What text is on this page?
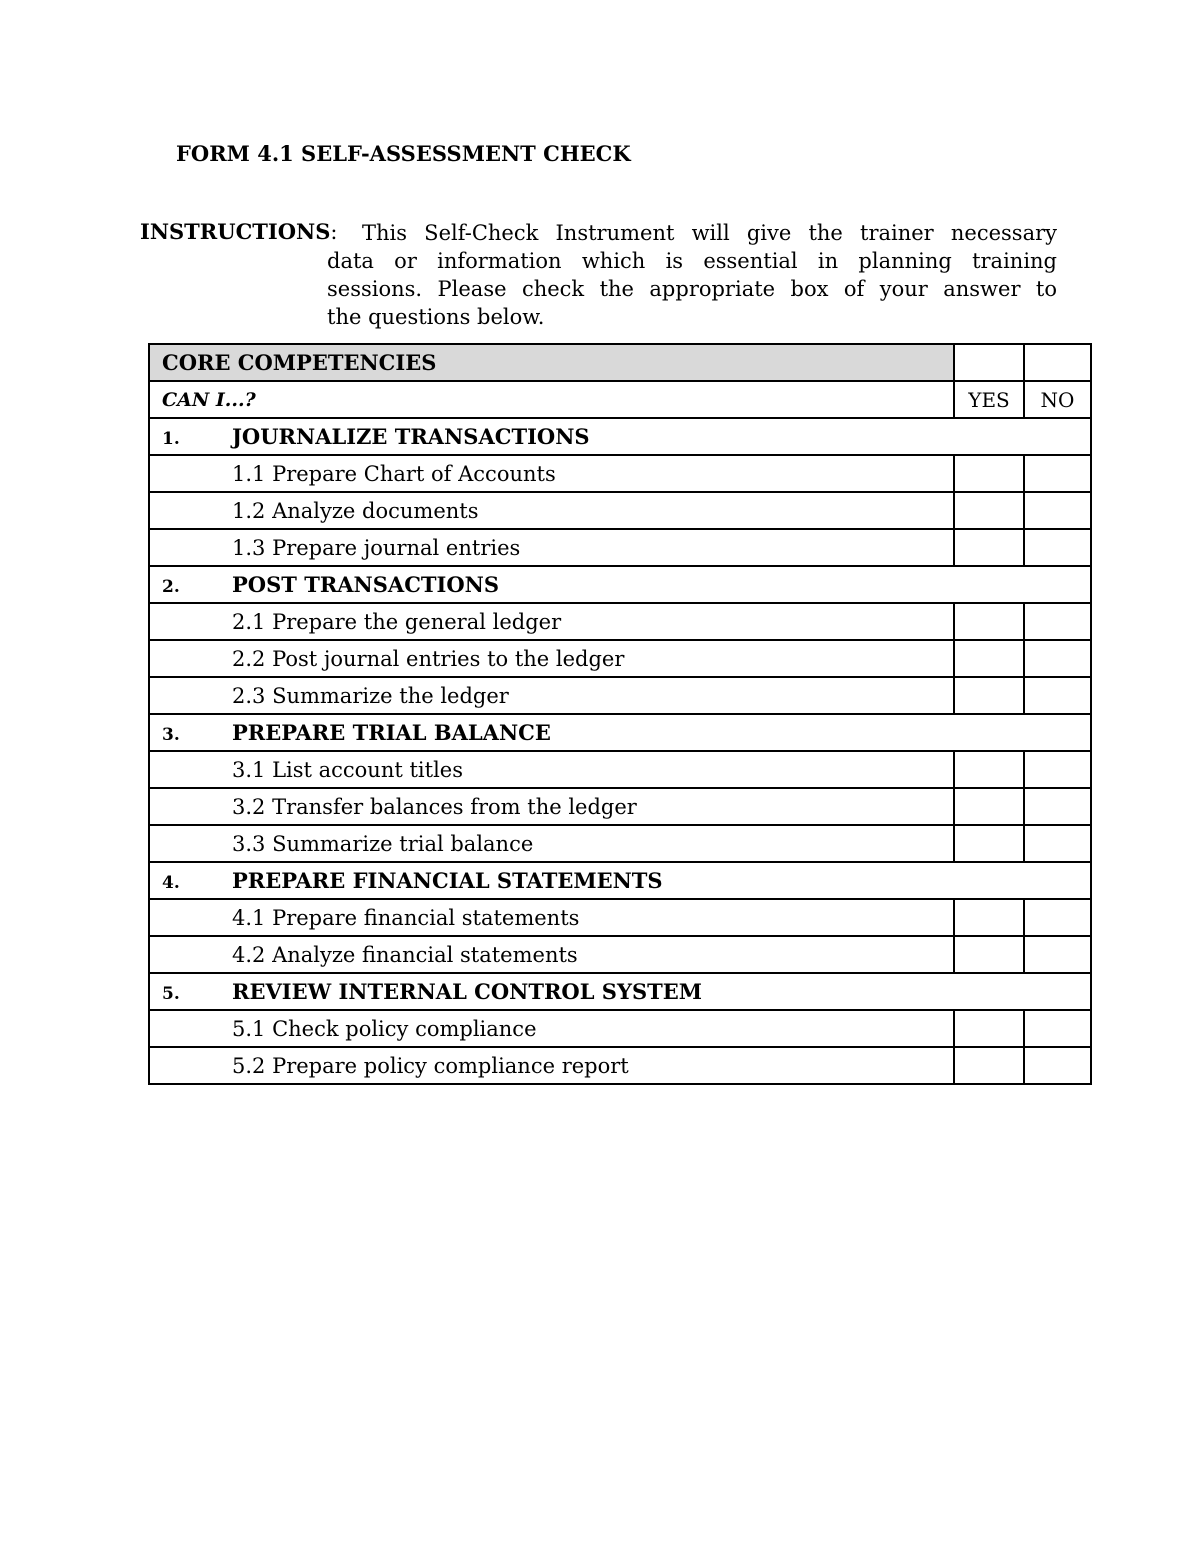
FORM 4.1 SELF-ASSESSMENT CHECK
INSTRUCTIONS: This Self-Check Instrument will give the trainer necessary
data or information which is essential in planning training
sessions. Please check the appropriate box of your answer to
the questions below.
CORE COMPETENCIES		
CAN I...?	YES	NO
1. JOURNALIZE TRANSACTIONS		
1.1 Prepare Chart of Accounts		
1.2 Analyze documents		
1.3 Prepare journal entries		
2. POST TRANSACTIONS		
2.1 Prepare the general ledger		
2.2 Post journal entries to the ledger		
2.3 Summarize the ledger		
3. PREPARE TRIAL BALANCE		
3.1 List account titles		
3.2 Transfer balances from the ledger		
3.3 Summarize trial balance		
4. PREPARE FINANCIAL STATEMENTS		
4.1 Prepare financial statements		
4.2 Analyze financial statements		
5. REVIEW INTERNAL CONTROL SYSTEM		
5.1 Check policy compliance		
5.2 Prepare policy compliance report		
